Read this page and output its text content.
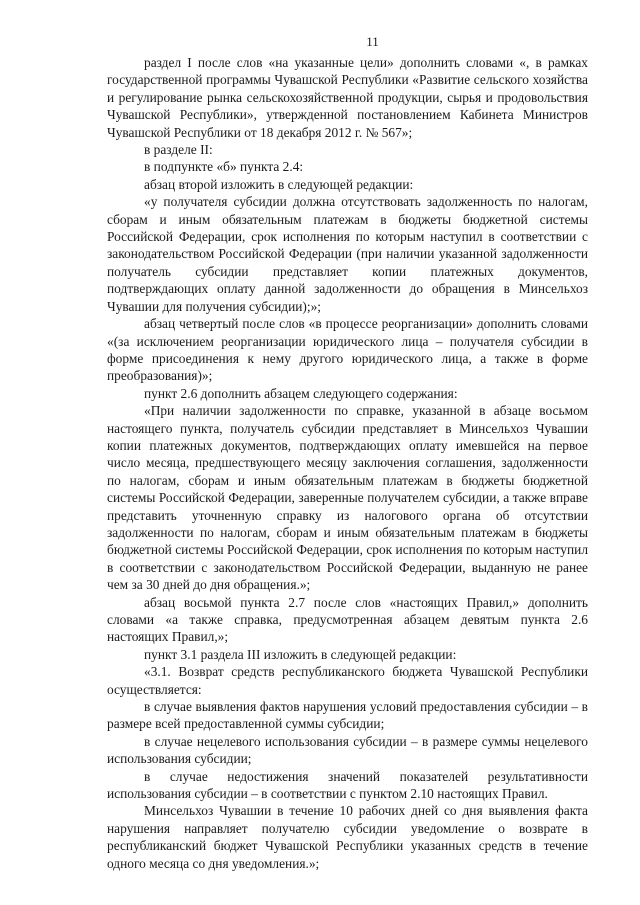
11

раздел I после слов «на указанные цели» дополнить словами «, в рамках государственной программы Чувашской Республики «Развитие сельского хозяйства и регулирование рынка сельскохозяйственной продукции, сырья и продовольствия Чувашской Республики», утвержденной постановлением Кабинета Министров Чувашской Республики от 18 декабря 2012 г. № 567»;

в разделе II:

в подпункте «б» пункта 2.4:

абзац второй изложить в следующей редакции:

«у получателя субсидии должна отсутствовать задолженность по налогам, сборам и иным обязательным платежам в бюджеты бюджетной системы Российской Федерации, срок исполнения по которым наступил в соответствии с законодательством Российской Федерации (при наличии указанной задолженности получатель субсидии представляет копии платежных документов, подтверждающих оплату данной задолженности до обращения в Минсельхоз Чувашии для получения субсидии);»;

абзац четвертый после слов «в процессе реорганизации» дополнить словами «(за исключением реорганизации юридического лица – получателя субсидии в форме присоединения к нему другого юридического лица, а также в форме преобразования)»;

пункт 2.6 дополнить абзацем следующего содержания:

«При наличии задолженности по справке, указанной в абзаце восьмом настоящего пункта, получатель субсидии представляет в Минсельхоз Чувашии копии платежных документов, подтверждающих оплату имевшейся на первое число месяца, предшествующего месяцу заключения соглашения, задолженности по налогам, сборам и иным обязательным платежам в бюджеты бюджетной системы Российской Федерации, заверенные получателем субсидии, а также вправе представить уточненную справку из налогового органа об отсутствии задолженности по налогам, сборам и иным обязательным платежам в бюджеты бюджетной системы Российской Федерации, срок исполнения по которым наступил в соответствии с законодательством Российской Федерации, выданную не ранее чем за 30 дней до дня обращения.»;

абзац восьмой пункта 2.7 после слов «настоящих Правил,» дополнить словами «а также справка, предусмотренная абзацем девятым пункта 2.6 настоящих Правил,»;

пункт 3.1 раздела III изложить в следующей редакции:

«3.1. Возврат средств республиканского бюджета Чувашской Республики осуществляется:

в случае выявления фактов нарушения условий предоставления субсидии – в размере всей предоставленной суммы субсидии;

в случае нецелевого использования субсидии – в размере суммы нецелевого использования субсидии;

в случае недостижения значений показателей результативности использования субсидии – в соответствии с пунктом 2.10 настоящих Правил.

Минсельхоз Чувашии в течение 10 рабочих дней со дня выявления факта нарушения направляет получателю субсидии уведомление о возврате в республиканский бюджет Чувашской Республики указанных средств в течение одного месяца со дня уведомления.»;
